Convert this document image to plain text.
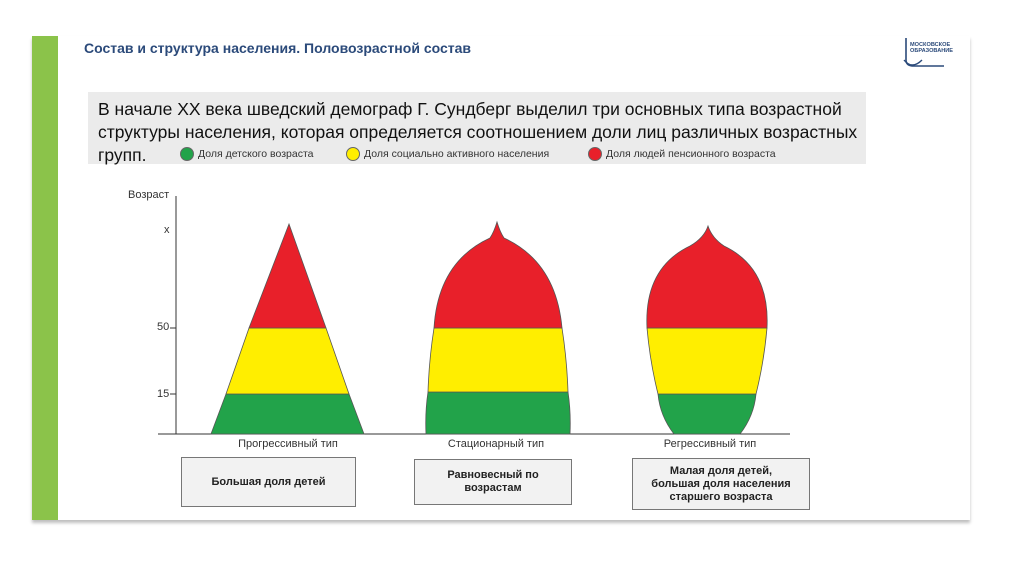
Состав и структура населения. Половозрастной состав	МОСКОВСКОЕ
ОБРАЗОВАНИЕ
В начале XX века шведский демограф Г. Сундберг выделил три основных типа возрастной структуры населения, которая определяется соотношением доли лиц различных возрастных групп.	Доля детского возраста	Доля социально активного населения	Доля людей пенсионного возраста
Возраст
x
50
15
Прогрессивный тип	Стационарный тип	Регрессивный тип
Большая доля детей
Равновесный по возрастам
Малая доля детей, большая доля населения старшего возраста
